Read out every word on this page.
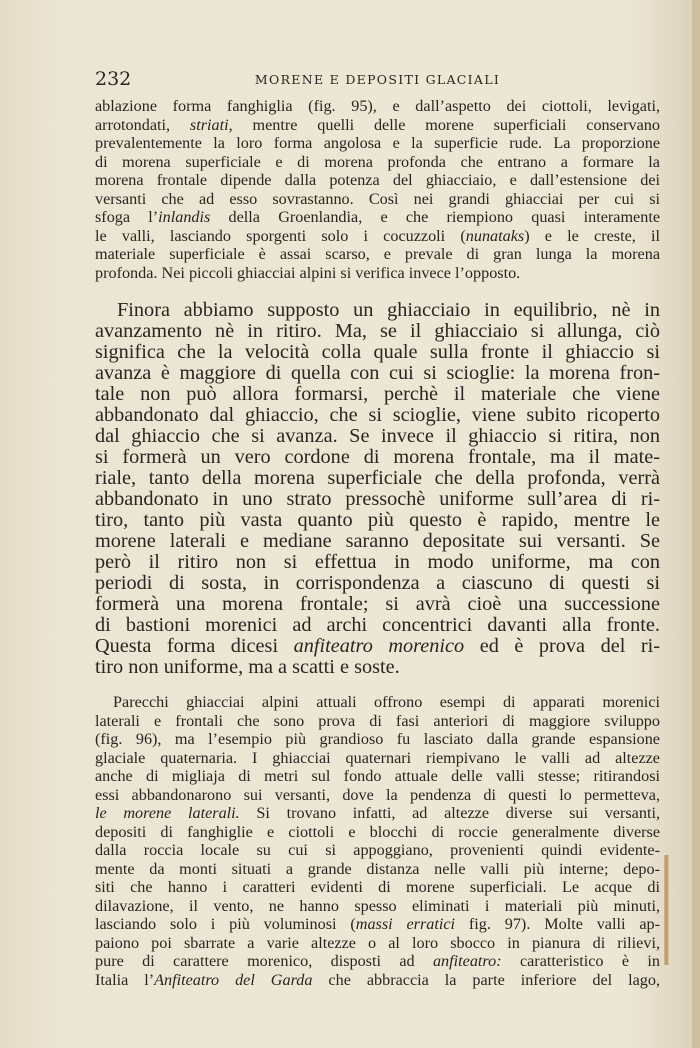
232	MORENE E DEPOSITI GLACIALI
ablazione forma fanghiglia (fig. 95), e dall’aspetto dei ciottoli, levigati,
arrotondati, striati, mentre quelli delle morene superficiali conservano
prevalentemente la loro forma angolosa e la superficie rude. La proporzione
di morena superficiale e di morena profonda che entrano a formare la
morena frontale dipende dalla potenza del ghiacciaio, e dall’estensione dei
versanti che ad esso sovrastanno. Così nei grandi ghiacciai per cui si
sfoga l’inlandis della Groenlandia, e che riempiono quasi interamente
le valli, lasciando sporgenti solo i cocuzzoli (nunataks) e le creste, il
materiale superficiale è assai scarso, e prevale di gran lunga la morena
profonda. Nei piccoli ghiacciai alpini si verifica invece l’opposto.
Finora abbiamo supposto un ghiacciaio in equilibrio, nè in
avanzamento nè in ritiro. Ma, se il ghiacciaio si allunga, ciò
significa che la velocità colla quale sulla fronte il ghiaccio si
avanza è maggiore di quella con cui si scioglie: la morena fron-
tale non può allora formarsi, perchè il materiale che viene
abbandonato dal ghiaccio, che si scioglie, viene subito ricoperto
dal ghiaccio che si avanza. Se invece il ghiaccio si ritira, non
si formerà un vero cordone di morena frontale, ma il mate-
riale, tanto della morena superficiale che della profonda, verrà
abbandonato in uno strato pressochè uniforme sull’area di ri-
tiro, tanto più vasta quanto più questo è rapido, mentre le
morene laterali e mediane saranno depositate sui versanti. Se
però il ritiro non si effettua in modo uniforme, ma con
periodi di sosta, in corrispondenza a ciascuno di questi si
formerà una morena frontale; si avrà cioè una successione
di bastioni morenici ad archi concentrici davanti alla fronte.
Questa forma dicesi anfiteatro morenico ed è prova del ri-
tiro non uniforme, ma a scatti e soste.
Parecchi ghiacciai alpini attuali offrono esempi di apparati morenici
laterali e frontali che sono prova di fasi anteriori di maggiore sviluppo
(fig. 96), ma l’esempio più grandioso fu lasciato dalla grande espansione
glaciale quaternaria. I ghiacciai quaternari riempivano le valli ad altezze
anche di migliaja di metri sul fondo attuale delle valli stesse; ritirandosi
essi abbandonarono sui versanti, dove la pendenza di questi lo permetteva,
le morene laterali. Si trovano infatti, ad altezze diverse sui versanti,
depositi di fanghiglie e ciottoli e blocchi di roccie generalmente diverse
dalla roccia locale su cui si appoggiano, provenienti quindi evidente-
mente da monti situati a grande distanza nelle valli più interne; depo-
siti che hanno i caratteri evidenti di morene superficiali. Le acque di
dilavazione, il vento, ne hanno spesso eliminati i materiali più minuti,
lasciando solo i più voluminosi (massi erratici fig. 97). Molte valli ap-
paiono poi sbarrate a varie altezze o al loro sbocco in pianura di rilievi,
pure di carattere morenico, disposti ad anfiteatro: caratteristico è in
Italia l’Anfiteatro del Garda che abbraccia la parte inferiore del lago,
